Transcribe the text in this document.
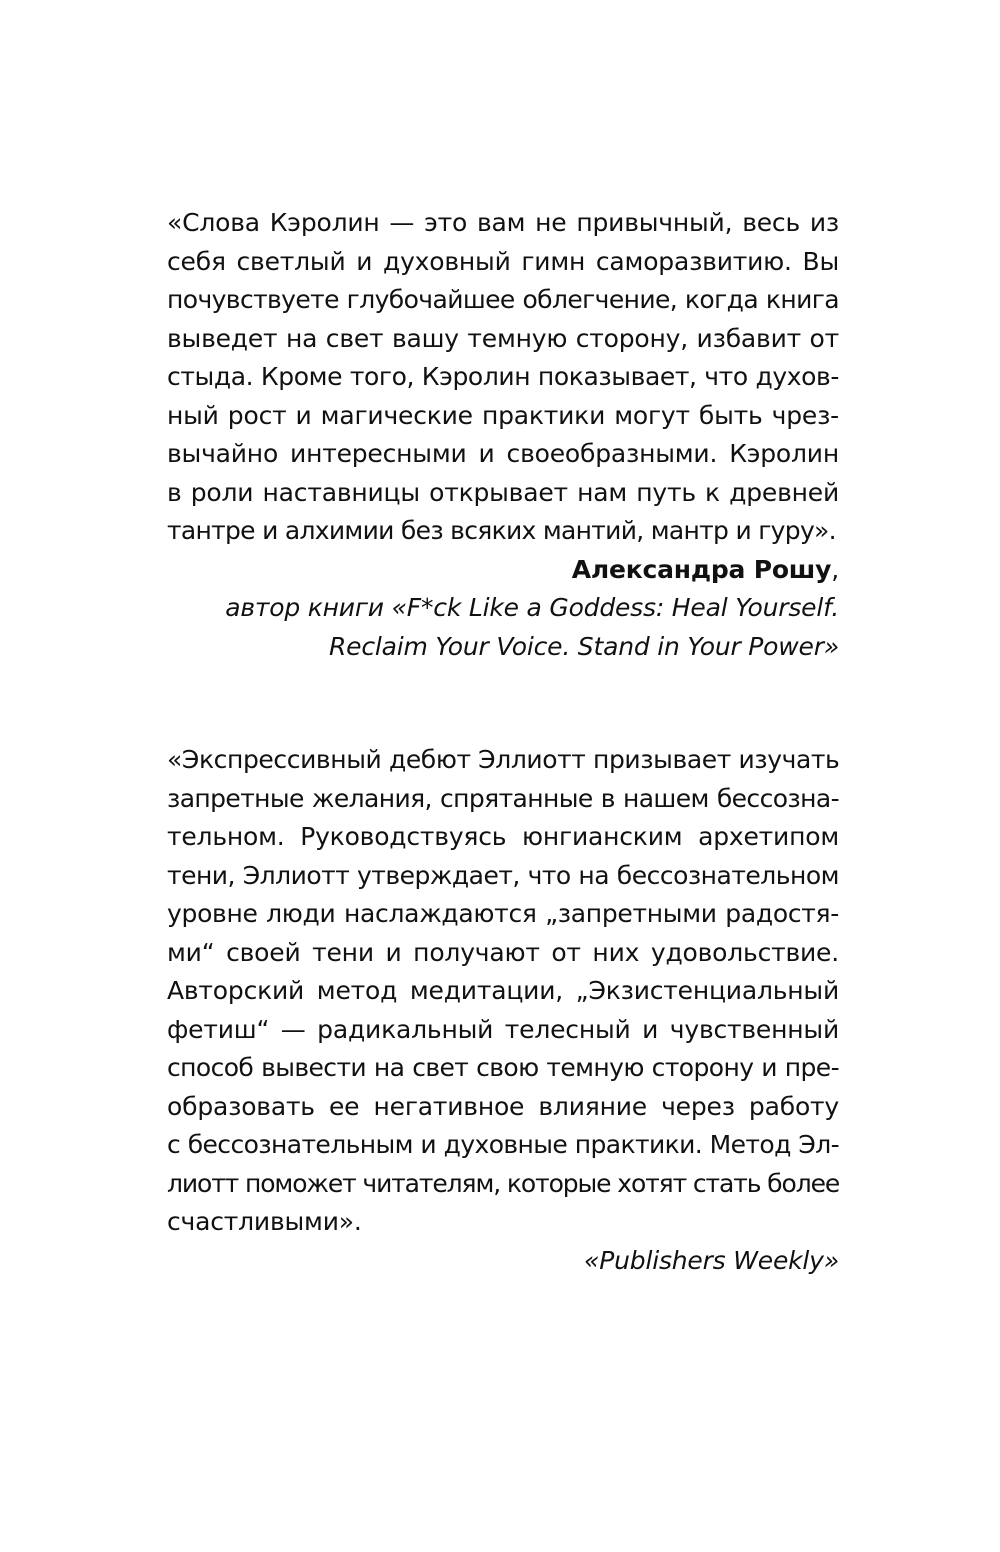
«Слова Кэролин — это вам не привычный, весь из
себя светлый и духовный гимн саморазвитию. Вы
почувствуете глубочайшее облегчение, когда книга
выведет на свет вашу темную сторону, избавит от
стыда. Кроме того, Кэролин показывает, что духов-
ный рост и магические практики могут быть чрез-
вычайно интересными и своеобразными. Кэролин
в роли наставницы открывает нам путь к древней
тантре и алхимии без всяких мантий, мантр и гуру».
Александра Рошу,
автор книги «F*ck Like a Goddess: Heal Yourself.
Reclaim Your Voice. Stand in Your Power»
«Экспрессивный дебют Эллиотт призывает изучать
запретные желания, спрятанные в нашем бессозна-
тельном. Руководствуясь юнгианским архетипом
тени, Эллиотт утверждает, что на бессознательном
уровне люди наслаждаются „запретными радостя-
ми“ своей тени и получают от них удовольствие.
Авторский метод медитации, „Экзистенциальный
фетиш“ — радикальный телесный и чувственный
способ вывести на свет свою темную сторону и пре-
образовать ее негативное влияние через работу
с бессознательным и духовные практики. Метод Эл-
лиотт поможет читателям, которые хотят стать более
счастливыми».
«Publishers Weekly»
